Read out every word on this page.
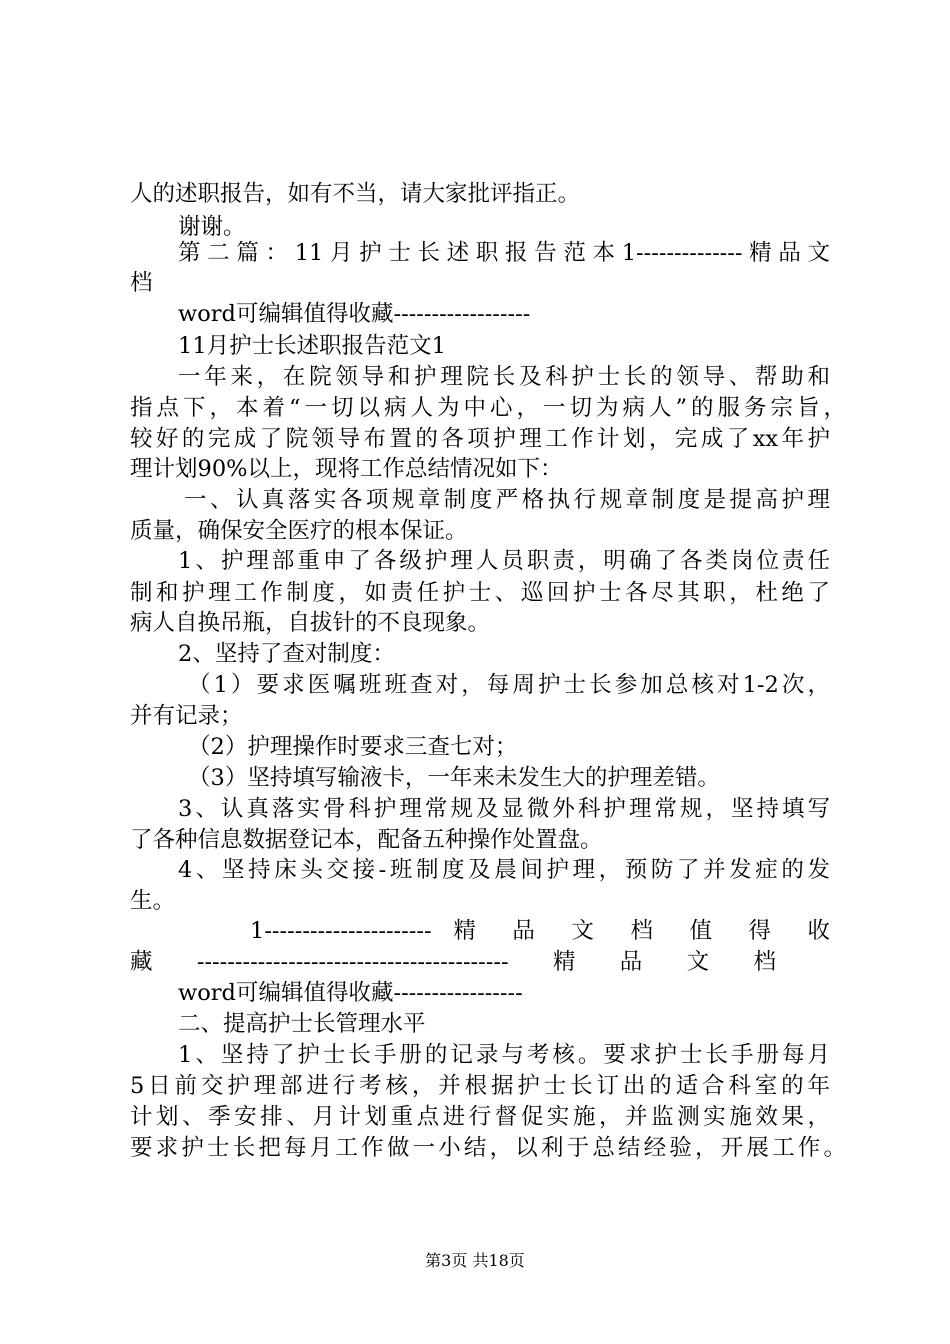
人的述职报告，如有不当，请大家批评指正。
谢谢。
第二篇：11月护士长述职报告范本1--------------精品文
档
word可编辑值得收藏------------------
11月护士长述职报告范文1
一年来，在院领导和护理院长及科护士长的领导、帮助和
指点下，本着“一切以病人为中心，一切为病人”的服务宗旨，
较好的完成了院领导布置的各项护理工作计划，完成了xx年护
理计划90%以上，现将工作总结情况如下：
一、认真落实各项规章制度严格执行规章制度是提高护理
质量，确保安全医疗的根本保证。
1、护理部重申了各级护理人员职责，明确了各类岗位责任
制和护理工作制度，如责任护士、巡回护士各尽其职，杜绝了
病人自换吊瓶，自拔针的不良现象。
2、坚持了查对制度：
（1）要求医嘱班班查对，每周护士长参加总核对1-2次，
并有记录；
（2）护理操作时要求三查七对；
（3）坚持填写输液卡，一年来未发生大的护理差错。
3、认真落实骨科护理常规及显微外科护理常规，坚持填写
了各种信息数据登记本，配备五种操作处置盘。
4、坚持床头交接-班制度及晨间护理，预防了并发症的发
生。
1---------------------- 精 品 文 档 值 得 收
藏-----------------------------------------精品文档
word可编辑值得收藏-----------------
二、提高护士长管理水平
1、坚持了护士长手册的记录与考核。要求护士长手册每月
5日前交护理部进行考核，并根据护士长订出的适合科室的年
计划、季安排、月计划重点进行督促实施，并监测实施效果，
要求护士长把每月工作做一小结，以利于总结经验，开展工作。
第3页 共18页
